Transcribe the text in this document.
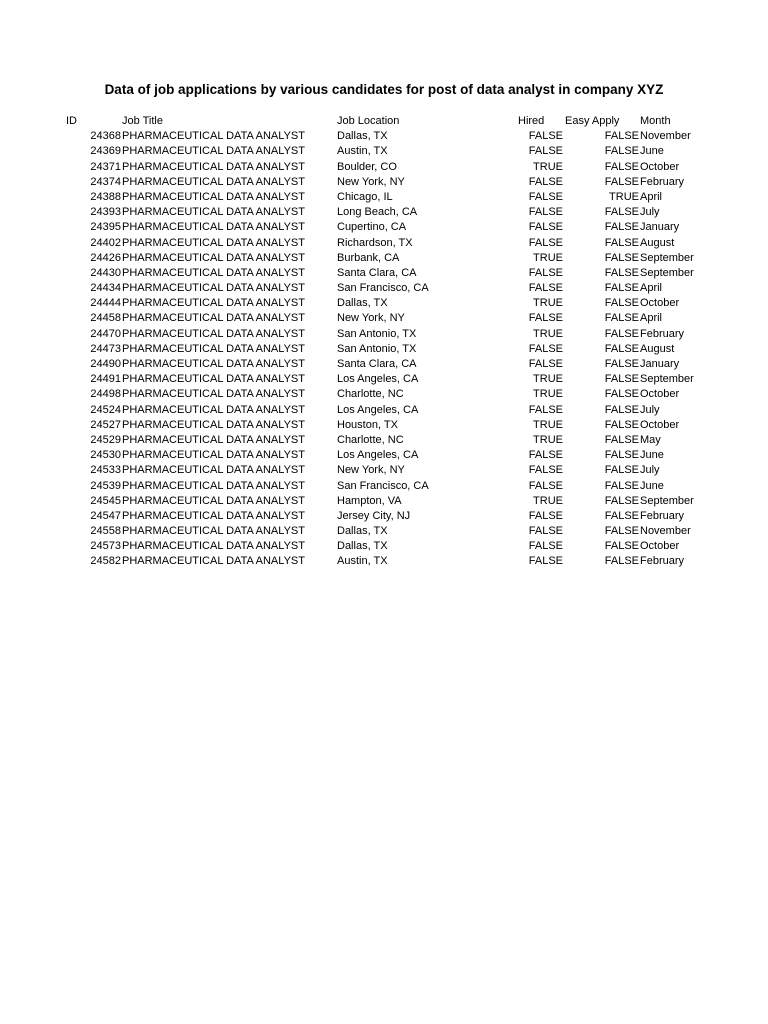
Data of job applications by various candidates for post of data analyst in company XYZ
ID	Job Title	Job Location	Hired	Easy Apply	Month
24368 PHARMACEUTICAL DATA ANALYST	Dallas, TX	FALSE	FALSE November
24369 PHARMACEUTICAL DATA ANALYST	Austin, TX	FALSE	FALSE June
24371 PHARMACEUTICAL DATA ANALYST	Boulder, CO	TRUE	FALSE October
24374 PHARMACEUTICAL DATA ANALYST	New York, NY	FALSE	FALSE February
24388 PHARMACEUTICAL DATA ANALYST	Chicago, IL	FALSE	TRUE April
24393 PHARMACEUTICAL DATA ANALYST	Long Beach, CA	FALSE	FALSE July
24395 PHARMACEUTICAL DATA ANALYST	Cupertino, CA	FALSE	FALSE January
24402 PHARMACEUTICAL DATA ANALYST	Richardson, TX	FALSE	FALSE August
24426 PHARMACEUTICAL DATA ANALYST	Burbank, CA	TRUE	FALSE September
24430 PHARMACEUTICAL DATA ANALYST	Santa Clara, CA	FALSE	FALSE September
24434 PHARMACEUTICAL DATA ANALYST	San Francisco, CA	FALSE	FALSE April
24444 PHARMACEUTICAL DATA ANALYST	Dallas, TX	TRUE	FALSE October
24458 PHARMACEUTICAL DATA ANALYST	New York, NY	FALSE	FALSE April
24470 PHARMACEUTICAL DATA ANALYST	San Antonio, TX	TRUE	FALSE February
24473 PHARMACEUTICAL DATA ANALYST	San Antonio, TX	FALSE	FALSE August
24490 PHARMACEUTICAL DATA ANALYST	Santa Clara, CA	FALSE	FALSE January
24491 PHARMACEUTICAL DATA ANALYST	Los Angeles, CA	TRUE	FALSE September
24498 PHARMACEUTICAL DATA ANALYST	Charlotte, NC	TRUE	FALSE October
24524 PHARMACEUTICAL DATA ANALYST	Los Angeles, CA	FALSE	FALSE July
24527 PHARMACEUTICAL DATA ANALYST	Houston, TX	TRUE	FALSE October
24529 PHARMACEUTICAL DATA ANALYST	Charlotte, NC	TRUE	FALSE May
24530 PHARMACEUTICAL DATA ANALYST	Los Angeles, CA	FALSE	FALSE June
24533 PHARMACEUTICAL DATA ANALYST	New York, NY	FALSE	FALSE July
24539 PHARMACEUTICAL DATA ANALYST	San Francisco, CA	FALSE	FALSE June
24545 PHARMACEUTICAL DATA ANALYST	Hampton, VA	TRUE	FALSE September
24547 PHARMACEUTICAL DATA ANALYST	Jersey City, NJ	FALSE	FALSE February
24558 PHARMACEUTICAL DATA ANALYST	Dallas, TX	FALSE	FALSE November
24573 PHARMACEUTICAL DATA ANALYST	Dallas, TX	FALSE	FALSE October
24582 PHARMACEUTICAL DATA ANALYST	Austin, TX	FALSE	FALSE February
